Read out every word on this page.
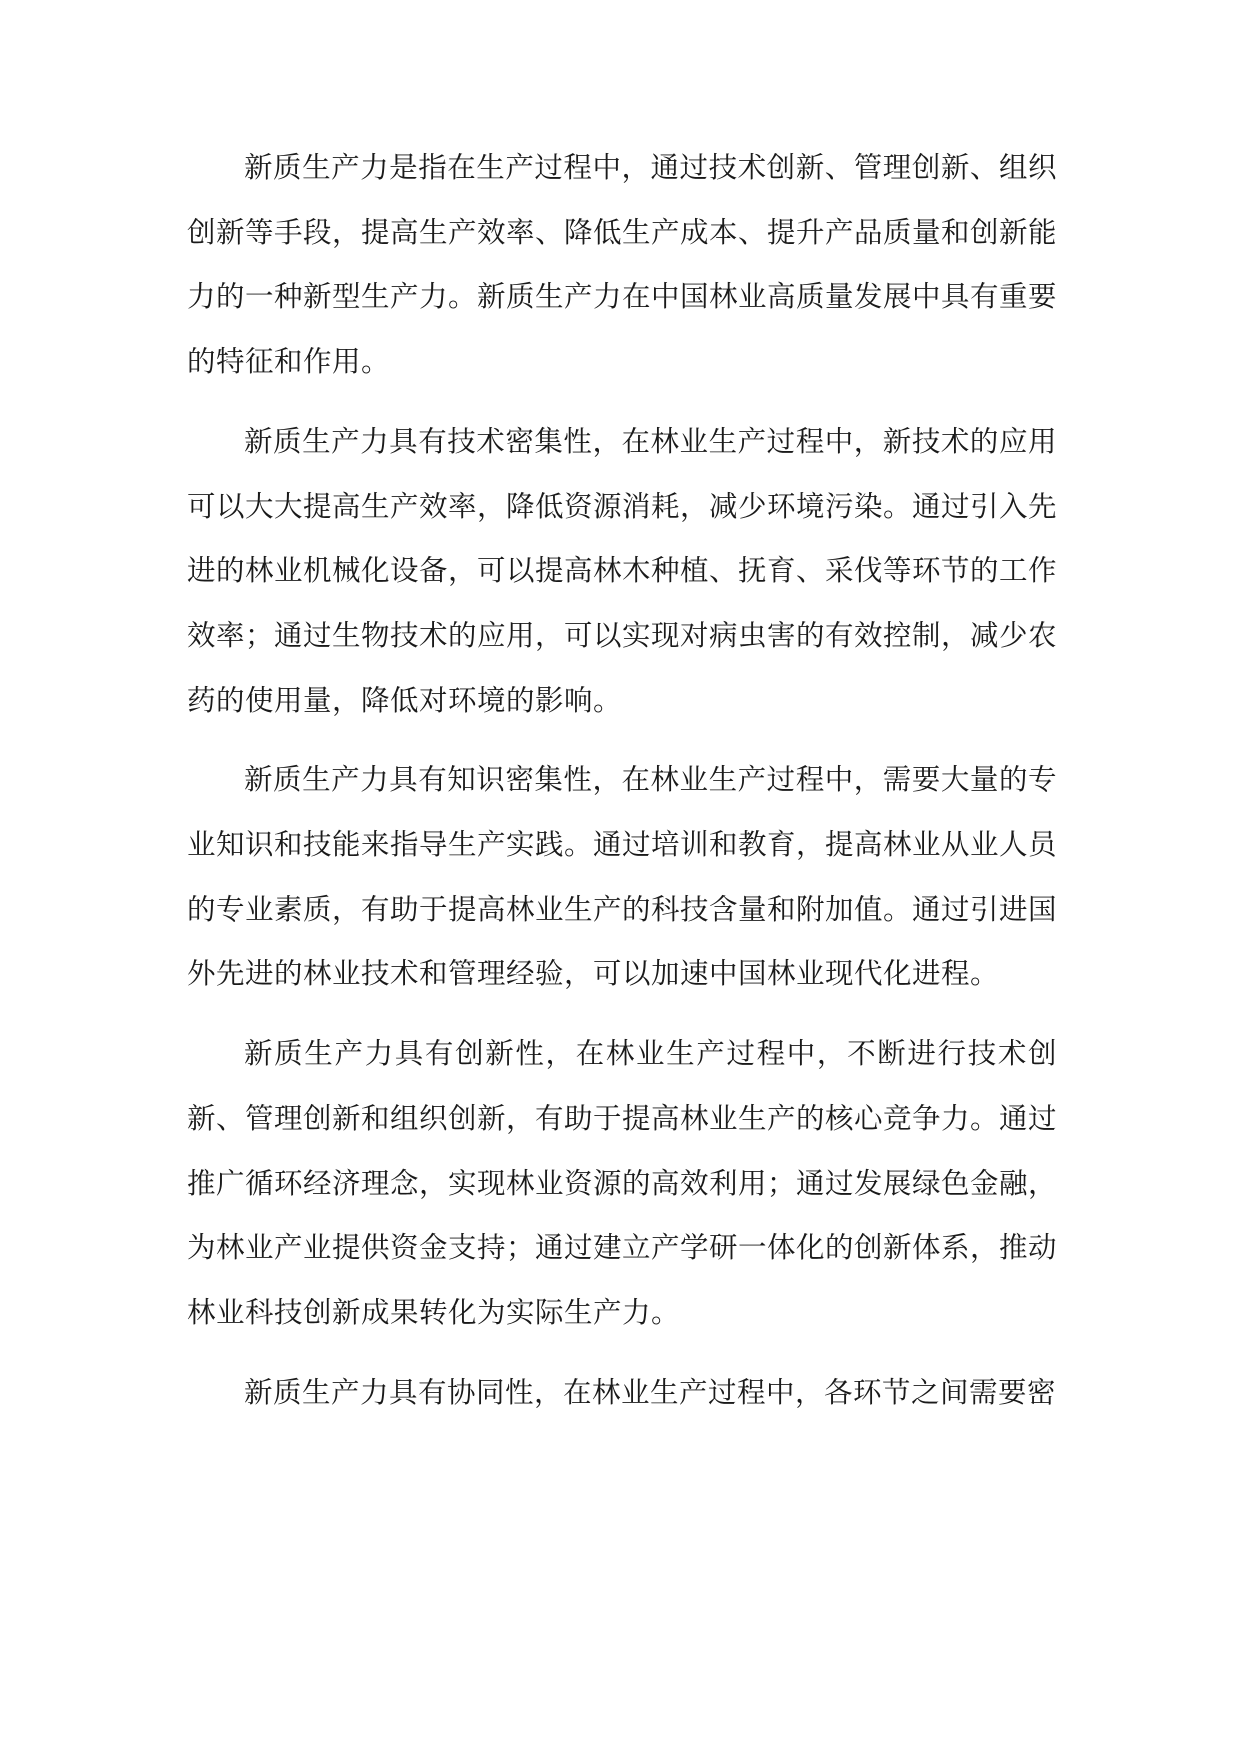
新质生产力是指在生产过程中，通过技术创新、管理创新、组织创新等手段，提高生产效率、降低生产成本、提升产品质量和创新能力的一种新型生产力。新质生产力在中国林业高质量发展中具有重要的特征和作用。

新质生产力具有技术密集性，在林业生产过程中，新技术的应用可以大大提高生产效率，降低资源消耗，减少环境污染。通过引入先进的林业机械化设备，可以提高林木种植、抚育、采伐等环节的工作效率；通过生物技术的应用，可以实现对病虫害的有效控制，减少农药的使用量，降低对环境的影响。

新质生产力具有知识密集性，在林业生产过程中，需要大量的专业知识和技能来指导生产实践。通过培训和教育，提高林业从业人员的专业素质，有助于提高林业生产的科技含量和附加值。通过引进国外先进的林业技术和管理经验，可以加速中国林业现代化进程。

新质生产力具有创新性，在林业生产过程中，不断进行技术创新、管理创新和组织创新，有助于提高林业生产的核心竞争力。通过推广循环经济理念，实现林业资源的高效利用；通过发展绿色金融，为林业产业提供资金支持；通过建立产学研一体化的创新体系，推动林业科技创新成果转化为实际生产力。

新质生产力具有协同性，在林业生产过程中，各环节之间需要密
